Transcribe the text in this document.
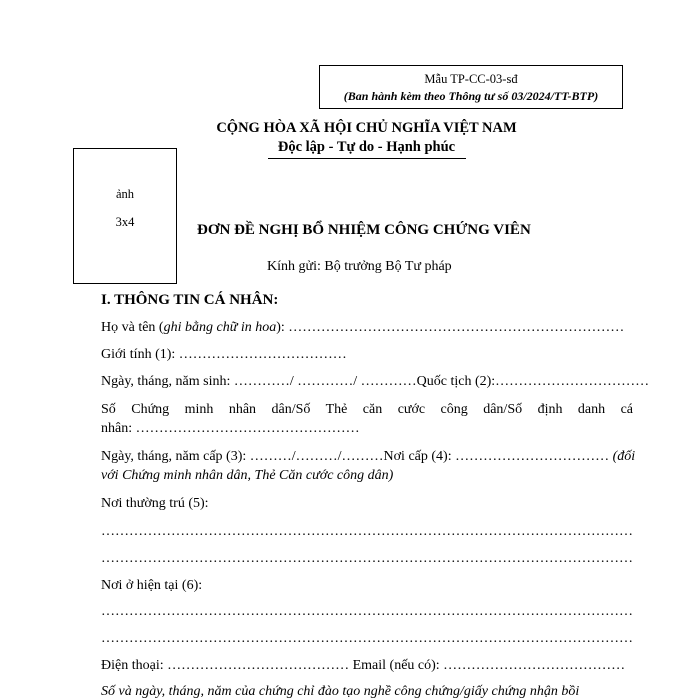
Mẫu TP-CC-03-sđ
(Ban hành kèm theo Thông tư số 03/2024/TT-BTP)
CỘNG HÒA XÃ HỘI CHỦ NGHĨA VIỆT NAM
Độc lập - Tự do - Hạnh phúc
ảnh
3x4	ĐƠN ĐỀ NGHỊ BỔ NHIỆM CÔNG CHỨNG VIÊN
Kính gửi: Bộ trưởng Bộ Tư pháp
I. THÔNG TIN CÁ NHÂN:
Họ và tên (ghi bằng chữ in hoa): ………………………………………………………………
Giới tính (1): ………………………………
Ngày, tháng, năm sinh: …………/ …………/ …………Quốc tịch (2):……………………………
Số Chứng minh nhân dân/Số Thẻ căn cước công dân/Số định danh cá
nhân: …………………………………………
Ngày, tháng, năm cấp (3): ………/………/………Nơi cấp (4): …………………………… (đối
với Chứng minh nhân dân, Thẻ Căn cước công dân)
Nơi thường trú (5):
……………………………………………………………………………………………………
……………………………………………………………………………………………………
Nơi ở hiện tại (6):
……………………………………………………………………………………………………
……………………………………………………………………………………………………
Điện thoại: ………………………………… Email (nếu có): …………………………………
Số và ngày, tháng, năm của chứng chỉ đào tạo nghề công chứng/giấy chứng nhận bồi
